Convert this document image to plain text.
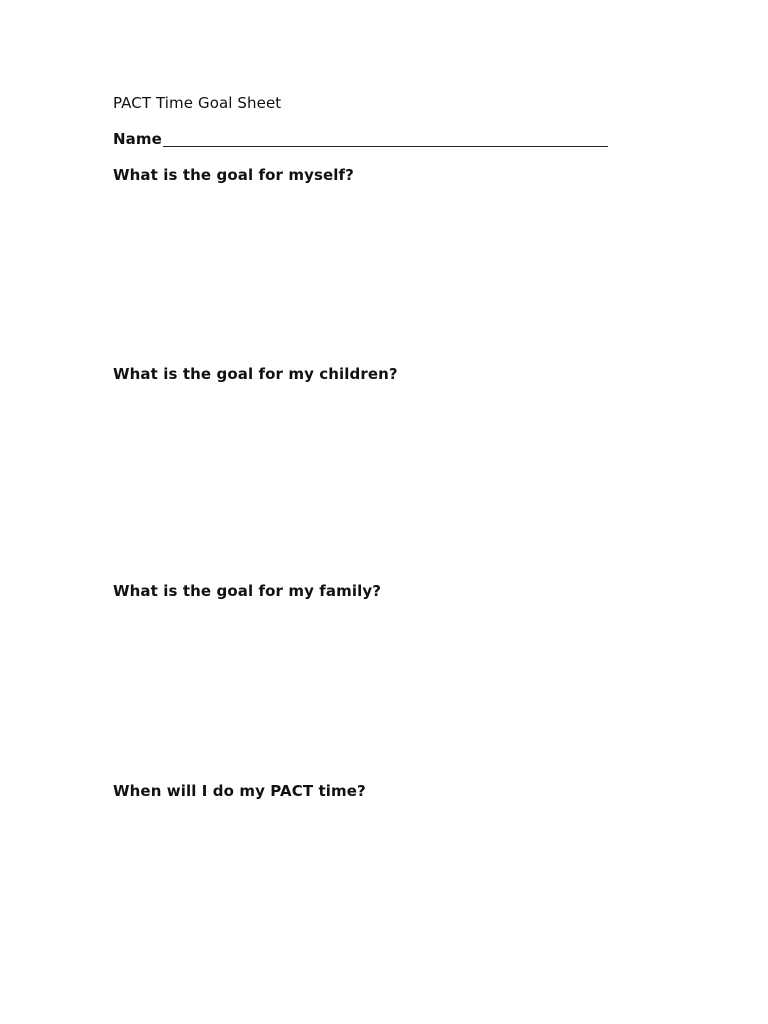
PACT Time Goal Sheet
Name
What is the goal for myself?
What is the goal for my children?
What is the goal for my family?
When will I do my PACT time?
